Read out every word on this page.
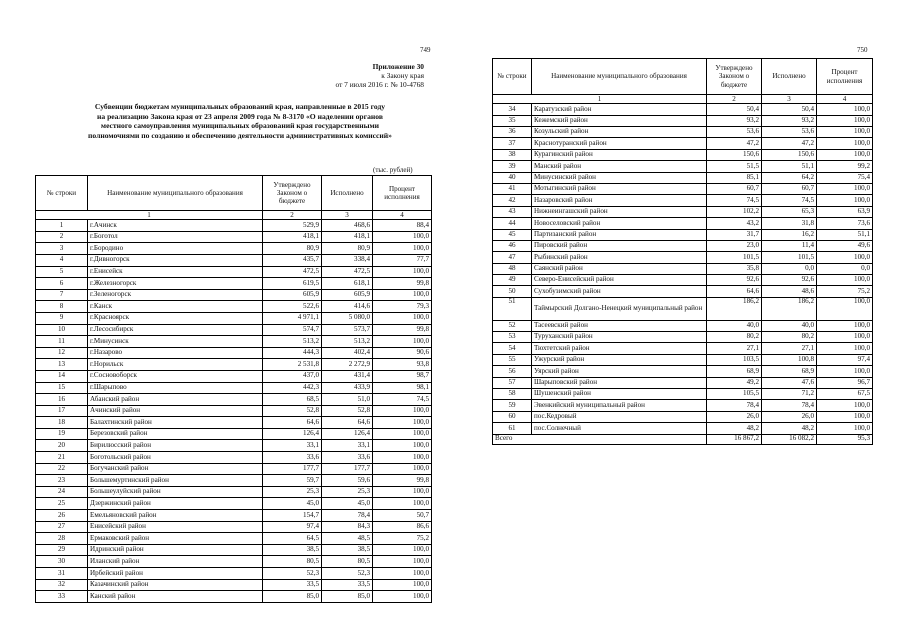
749
Приложение 30
к Закону края
от 7 июля 2016 г. № 10-4768
Субвенции бюджетам муниципальных образований края, направленные в 2015 году
на реализацию Закона края от 23 апреля 2009 года № 8-3170 «О наделении органов
местного самоуправления муниципальных образований края государственными
полномочиями по созданию и обеспечению деятельности административных комиссий»
(тыс. рублей)
№ строки	Наименование муниципального образования	Утверждено Законом о бюджете	Исполнено	Процент исполнения
1		2	3	4
1	г.Ачинск	529,9	468,6	88,4
2	г.Боготол	418,1	418,1	100,0
3	г.Бородино	80,9	80,9	100,0
4	г.Дивногорск	435,7	338,4	77,7
5	г.Енисейск	472,5	472,5	100,0
6	г.Железногорск	619,5	618,1	99,8
7	г.Зеленогорск	605,9	605,9	100,0
8	г.Канск	522,6	414,6	79,3
9	г.Красноярск	4 971,1	5 080,0	100,0
10	г.Лесосибирск	574,7	573,7	99,8
11	г.Минусинск	513,2	513,2	100,0
12	г.Назарово	444,3	402,4	90,6
13	г.Норильск	2 531,8	2 272,9	93,8
14	г.Сосновоборск	437,0	431,4	98,7
15	г.Шарыпово	442,3	433,9	98,1
16	Абанский район	68,5	51,0	74,5
17	Ачинский район	52,8	52,8	100,0
18	Балахтинский район	64,6	64,6	100,0
19	Березовский район	126,4	126,4	100,0
20	Бирилюсский район	33,1	33,1	100,0
21	Боготольский район	33,6	33,6	100,0
22	Богучанский район	177,7	177,7	100,0
23	Большемуртинский район	59,7	59,6	99,8
24	Большеулуйский район	25,3	25,3	100,0
25	Дзержинский район	45,0	45,0	100,0
26	Емельяновский район	154,7	78,4	50,7
27	Енисейский район	97,4	84,3	86,6
28	Ермаковский район	64,5	48,5	75,2
29	Идринский район	38,5	38,5	100,0
30	Иланский район	80,5	80,5	100,0
31	Ирбейский район	52,3	52,3	100,0
32	Казачинский район	33,5	33,5	100,0
33	Канский район	85,0	85,0	100,0
750
№ строки	Наименование муниципального образования	Утверждено Законом о бюджете	Исполнено	Процент исполнения
1		2	3	4
34	Каратузский район	50,4	50,4	100,0
35	Кежемский район	93,2	93,2	100,0
36	Козульский район	53,6	53,6	100,0
37	Краснотуранский район	47,2	47,2	100,0
38	Курагинский район	150,6	150,6	100,0
39	Манский район	51,5	51,1	99,2
40	Минусинский район	85,1	64,2	75,4
41	Мотыгинский район	60,7	60,7	100,0
42	Назаровский район	74,5	74,5	100,0
43	Нижнеингашский район	102,2	65,3	63,9
44	Новоселовский район	43,2	31,8	73,6
45	Партизанский район	31,7	16,2	51,1
46	Пировский район	23,0	11,4	49,6
47	Рыбинский район	101,5	101,5	100,0
48	Саянский район	35,8	0,0	0,0
49	Северо-Енисейский район	92,6	92,6	100,0
50	Сухобузимский район	64,6	48,6	75,2
51	Таймырский Долгано-Ненецкий муниципальный район	186,2	186,2	100,0
52	Тасеевский район	40,0	40,0	100,0
53	Туруханский район	80,2	80,2	100,0
54	Тюхтетский район	27,1	27,1	100,0
55	Ужурский район	103,5	100,8	97,4
56	Уярский район	68,9	68,9	100,0
57	Шарыповский район	49,2	47,6	96,7
58	Шушенский район	105,5	71,2	67,5
59	Эвенкийский муниципальный район	78,4	78,4	100,0
60	пос.Кедровый	26,0	26,0	100,0
61	пос.Солнечный	48,2	48,2	100,0
Всего		16 867,2	16 082,2	95,3
